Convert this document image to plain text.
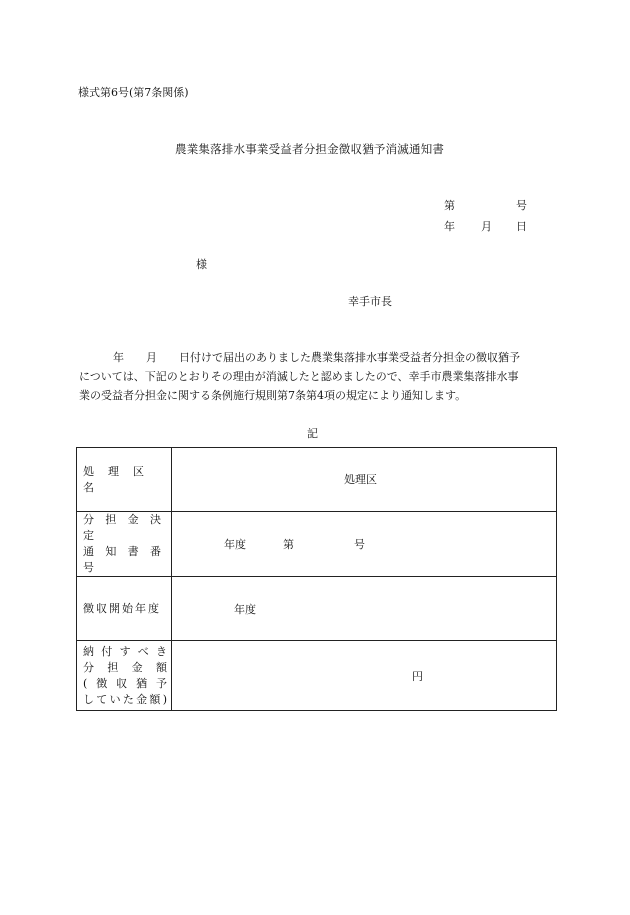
様式第6号(第7条関係)
農業集落排水事業受益者分担金徴収猶予消滅通知書
第	号
年 月 日
様
幸手市長
年 月 日付けで届出のありました農業集落排水事業受益者分担金の徴収猶予
については、下記のとおりその理由が消滅したと認めましたので、幸手市農業集落排水事
業の受益者分担金に関する条例施行規則第7条第4項の規定により通知します。
記
処理区名	処理区

分担金決定
通知書番号	年度 第 号

徴収開始年度	年度

納付すべき
分担金額
(徴収猶予
していた金額)	円
